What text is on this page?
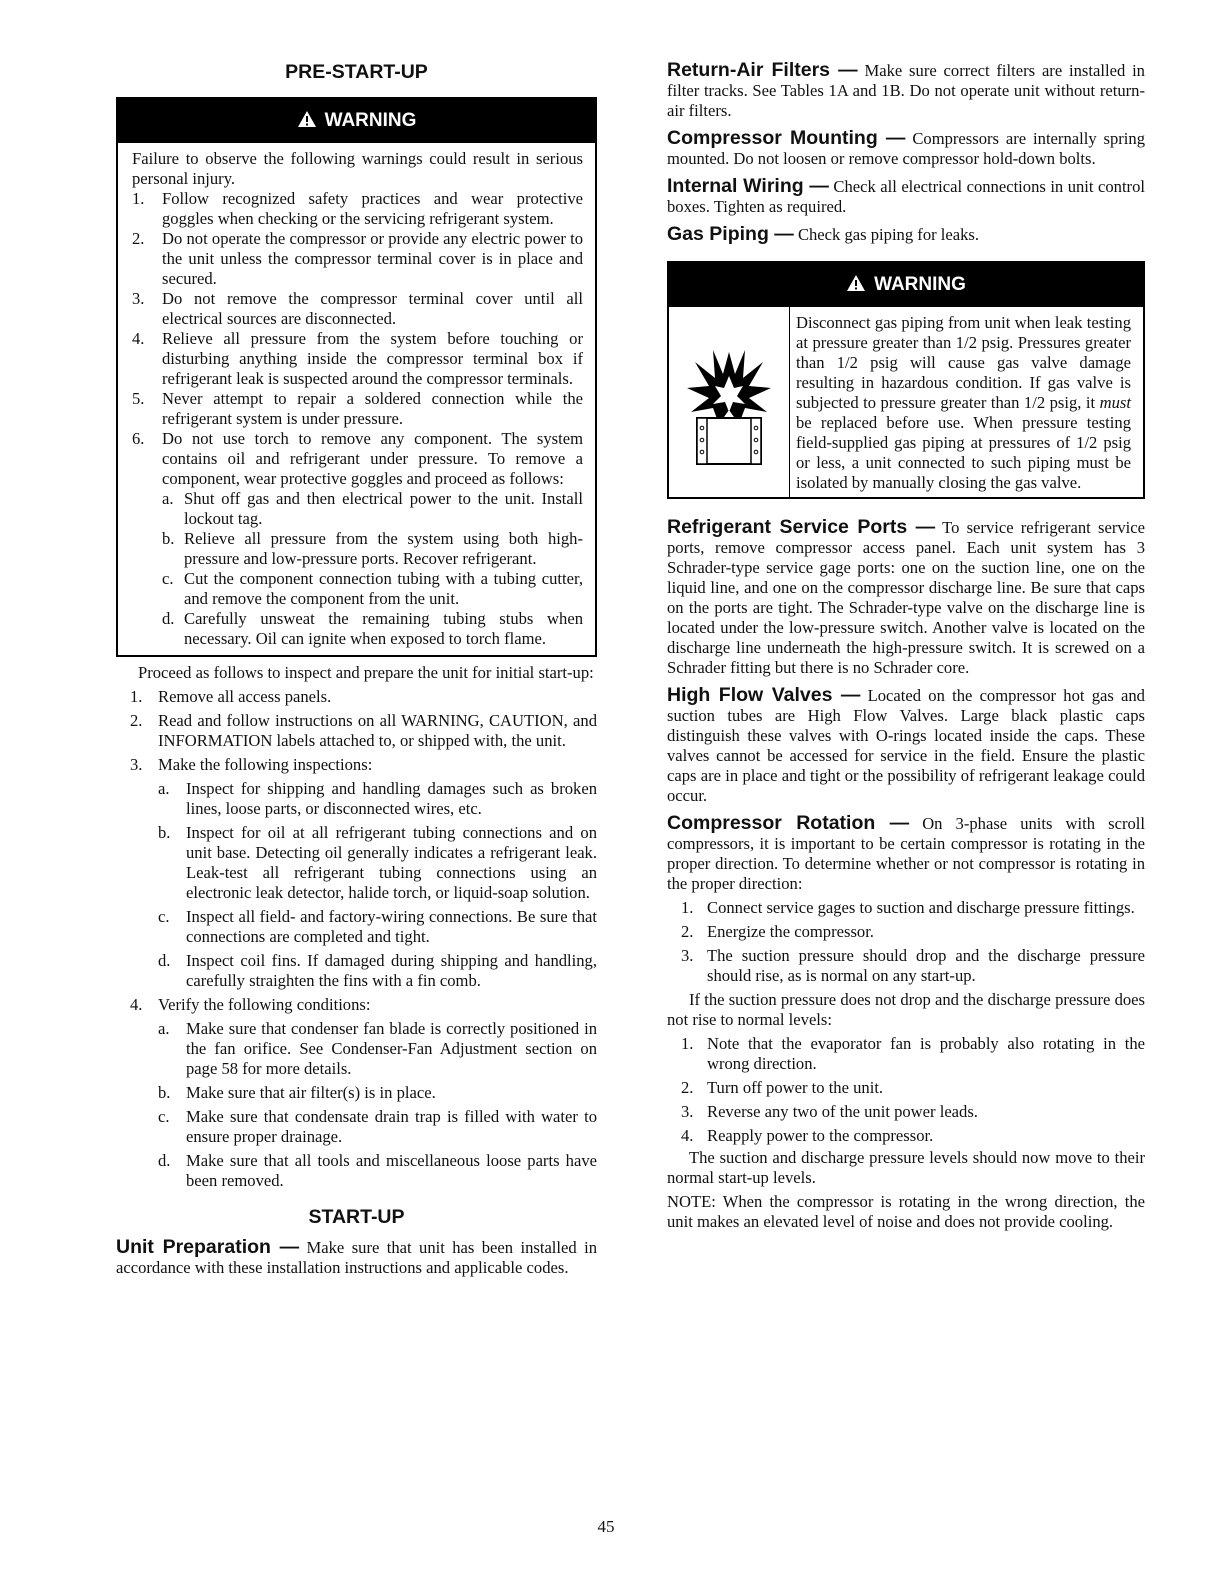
PRE-START-UP
WARNING

Failure to observe the following warnings could result in serious personal injury.

1.	Follow recognized safety practices and wear protective goggles when checking or the servicing refrigerant system.
2.	Do not operate the compressor or provide any electric power to the unit unless the compressor terminal cover is in place and secured.
3.	Do not remove the compressor terminal cover until all electrical sources are disconnected.
4.	Relieve all pressure from the system before touching or disturbing anything inside the compressor terminal box if refrigerant leak is suspected around the compressor terminals.
5.	Never attempt to repair a soldered connection while the refrigerant system is under pressure.
6.	Do not use torch to remove any component. The system contains oil and refrigerant under pressure. To remove a component, wear protective goggles and proceed as follows:
a. Shut off gas and then electrical power to the unit. Install lockout tag.
b. Relieve all pressure from the system using both high-pressure and low-pressure ports. Recover refrigerant.
c. Cut the component connection tubing with a tubing cutter, and remove the component from the unit.
d. Carefully unsweat the remaining tubing stubs when necessary. Oil can ignite when exposed to torch flame.

Proceed as follows to inspect and prepare the unit for initial start-up:

1. Remove all access panels.
2. Read and follow instructions on all WARNING, CAUTION, and INFORMATION labels attached to, or shipped with, the unit.
3. Make the following inspections:
a. Inspect for shipping and handling damages such as broken lines, loose parts, or disconnected wires, etc.
b. Inspect for oil at all refrigerant tubing connections and on unit base. Detecting oil generally indicates a refrigerant leak. Leak-test all refrigerant tubing connections using an electronic leak detector, halide torch, or liquid-soap solution.
c. Inspect all field- and factory-wiring connections. Be sure that connections are completed and tight.
d. Inspect coil fins. If damaged during shipping and handling, carefully straighten the fins with a fin comb.
4. Verify the following conditions:
a. Make sure that condenser fan blade is correctly positioned in the fan orifice. See Condenser-Fan Adjustment section on page 58 for more details.
b. Make sure that air filter(s) is in place.
c. Make sure that condensate drain trap is filled with water to ensure proper drainage.
d. Make sure that all tools and miscellaneous loose parts have been removed.
START-UP

Unit Preparation — Make sure that unit has been installed in accordance with these installation instructions and applicable codes.

Return-Air Filters — Make sure correct filters are installed in filter tracks. See Tables 1A and 1B. Do not operate unit without return-air filters.

Compressor Mounting — Compressors are internally spring mounted. Do not loosen or remove compressor hold-down bolts.

Internal Wiring — Check all electrical connections in unit control boxes. Tighten as required.

Gas Piping — Check gas piping for leaks.

WARNING

Disconnect gas piping from unit when leak testing at pressure greater than 1/2 psig. Pressures greater than 1/2 psig will cause gas valve damage resulting in hazardous condition. If gas valve is subjected to pressure greater than 1/2 psig, it must be replaced before use. When pressure testing field-supplied gas piping at pressures of 1/2 psig or less, a unit connected to such piping must be isolated by manually closing the gas valve.

Refrigerant Service Ports — To service refrigerant service ports, remove compressor access panel. Each unit system has 3 Schrader-type service gage ports: one on the suction line, one on the liquid line, and one on the compressor discharge line. Be sure that caps on the ports are tight. The Schrader-type valve on the discharge line is located under the low-pressure switch. Another valve is located on the discharge line underneath the high-pressure switch. It is screwed on a Schrader fitting but there is no Schrader core.

High Flow Valves — Located on the compressor hot gas and suction tubes are High Flow Valves. Large black plastic caps distinguish these valves with O-rings located inside the caps. These valves cannot be accessed for service in the field. Ensure the plastic caps are in place and tight or the possibility of refrigerant leakage could occur.

Compressor Rotation — On 3-phase units with scroll compressors, it is important to be certain compressor is rotating in the proper direction. To determine whether or not compressor is rotating in the proper direction:

1. Connect service gages to suction and discharge pressure fittings.
2. Energize the compressor.
3. The suction pressure should drop and the discharge pressure should rise, as is normal on any start-up.

If the suction pressure does not drop and the discharge pressure does not rise to normal levels:

1. Note that the evaporator fan is probably also rotating in the wrong direction.
2. Turn off power to the unit.
3. Reverse any two of the unit power leads.
4. Reapply power to the compressor.

The suction and discharge pressure levels should now move to their normal start-up levels.

NOTE: When the compressor is rotating in the wrong direction, the unit makes an elevated level of noise and does not provide cooling.

45
